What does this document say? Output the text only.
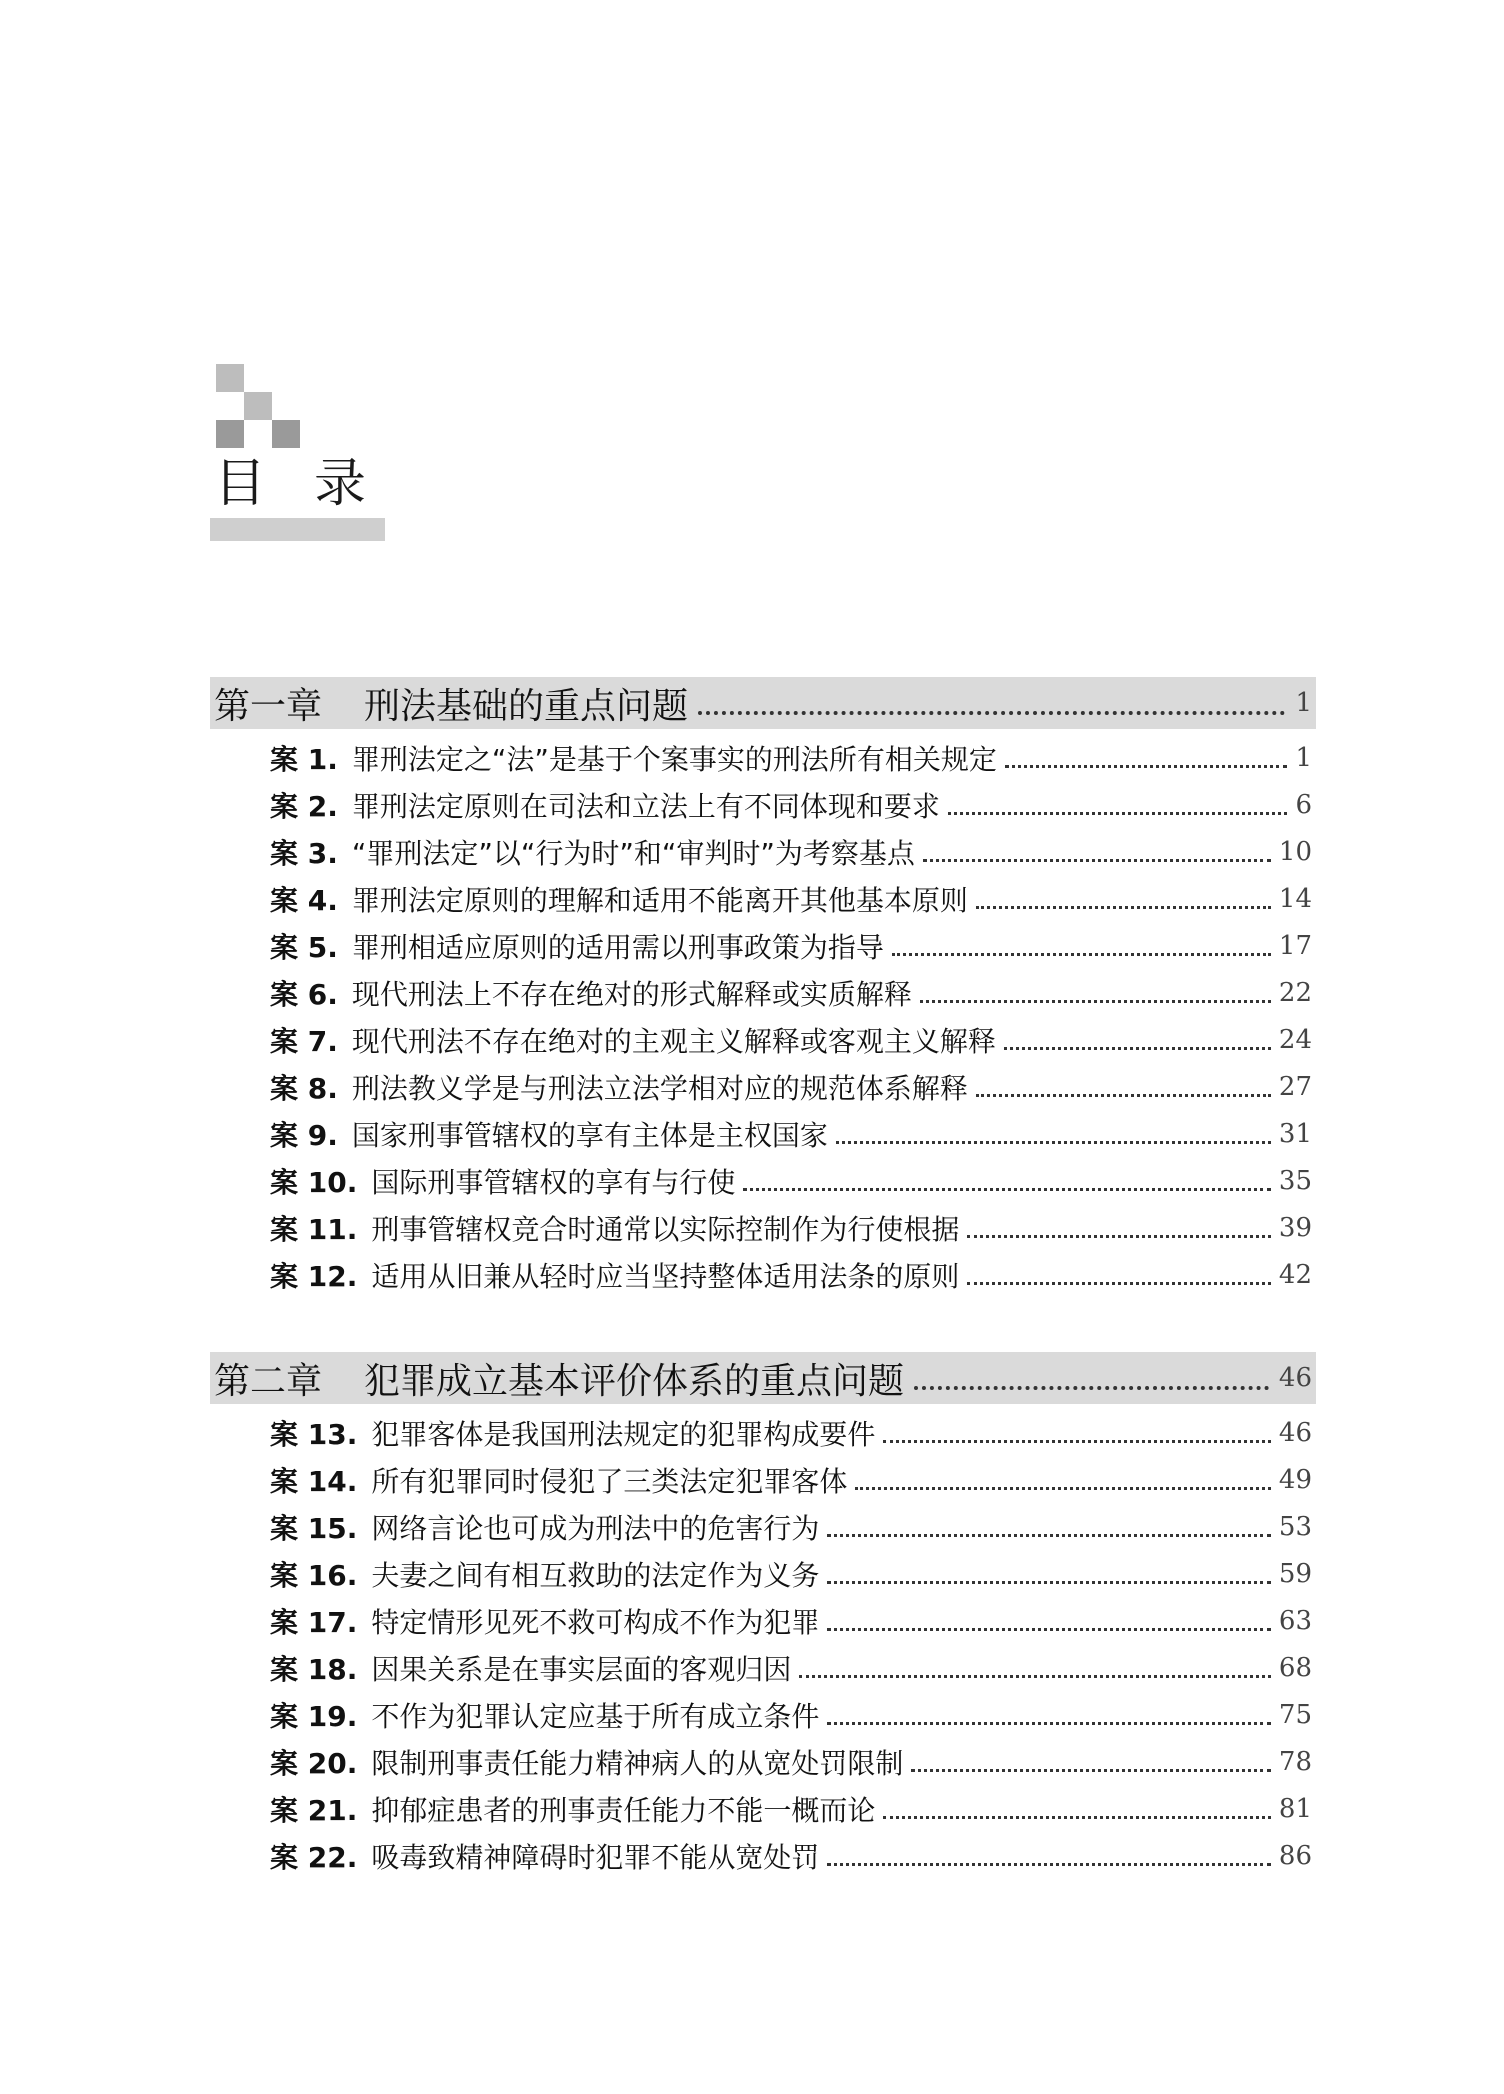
目录
第一章 刑法基础的重点问题	1
案 1. 罪刑法定之“法”是基于个案事实的刑法所有相关规定	1
案 2. 罪刑法定原则在司法和立法上有不同体现和要求	6
案 3. “罪刑法定”以“行为时”和“审判时”为考察基点	10
案 4. 罪刑法定原则的理解和适用不能离开其他基本原则	14
案 5. 罪刑相适应原则的适用需以刑事政策为指导	17
案 6. 现代刑法上不存在绝对的形式解释或实质解释	22
案 7. 现代刑法不存在绝对的主观主义解释或客观主义解释	24
案 8. 刑法教义学是与刑法立法学相对应的规范体系解释	27
案 9. 国家刑事管辖权的享有主体是主权国家	31
案 10. 国际刑事管辖权的享有与行使	35
案 11. 刑事管辖权竞合时通常以实际控制作为行使根据	39
案 12. 适用从旧兼从轻时应当坚持整体适用法条的原则	42
第二章 犯罪成立基本评价体系的重点问题	46
案 13. 犯罪客体是我国刑法规定的犯罪构成要件	46
案 14. 所有犯罪同时侵犯了三类法定犯罪客体	49
案 15. 网络言论也可成为刑法中的危害行为	53
案 16. 夫妻之间有相互救助的法定作为义务	59
案 17. 特定情形见死不救可构成不作为犯罪	63
案 18. 因果关系是在事实层面的客观归因	68
案 19. 不作为犯罪认定应基于所有成立条件	75
案 20. 限制刑事责任能力精神病人的从宽处罚限制	78
案 21. 抑郁症患者的刑事责任能力不能一概而论	81
案 22. 吸毒致精神障碍时犯罪不能从宽处罚	86
